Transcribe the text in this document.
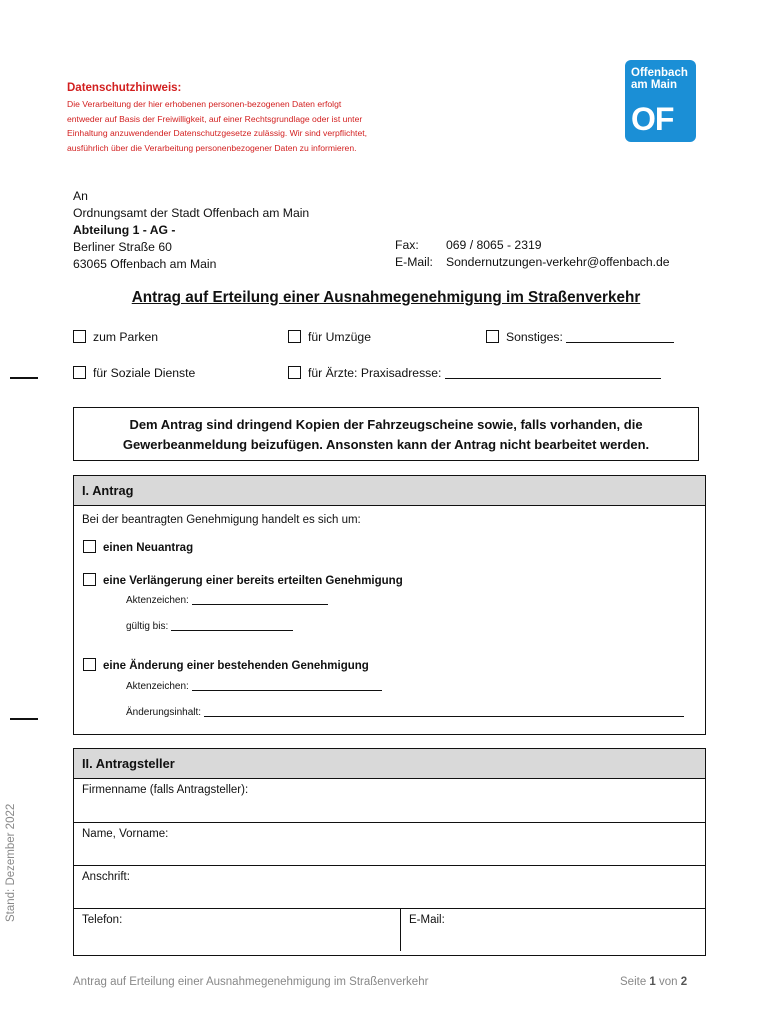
Datenschutzhinweis:
Die Verarbeitung der hier erhobenen personen-bezogenen Daten erfolgt
entweder auf Basis der Freiwilligkeit, auf einer Rechtsgrundlage oder ist unter
Einhaltung anzuwendender Datenschutzgesetze zulässig. Wir sind verpflichtet,
ausführlich über die Verarbeitung personenbezogener Daten zu informieren.
Offenbach
am Main
OF
An
Ordnungsamt der Stadt Offenbach am Main
Abteilung 1 - AG -
Berliner Straße 60
63065 Offenbach am Main
Fax: 069 / 8065 - 2319
E-Mail: Sondernutzungen-verkehr@offenbach.de
Antrag auf Erteilung einer Ausnahmegenehmigung im Straßenverkehr
zum Parken	für Umzüge	Sonstiges:
für Soziale Dienste	für Ärzte: Praxisadresse:
Dem Antrag sind dringend Kopien der Fahrzeugscheine sowie, falls vorhanden, die
Gewerbeanmeldung beizufügen. Ansonsten kann der Antrag nicht bearbeitet werden.
I. Antrag
Bei der beantragten Genehmigung handelt es sich um:
einen Neuantrag
eine Verlängerung einer bereits erteilten Genehmigung
Aktenzeichen:
gültig bis:
eine Änderung einer bestehenden Genehmigung
Aktenzeichen:
Änderungsinhalt:
II. Antragsteller
Firmenname (falls Antragsteller):
Name, Vorname:
Anschrift:
Telefon:	E-Mail:
Stand: Dezember 2022
Antrag auf Erteilung einer Ausnahmegenehmigung im Straßenverkehr	Seite 1 von 2
